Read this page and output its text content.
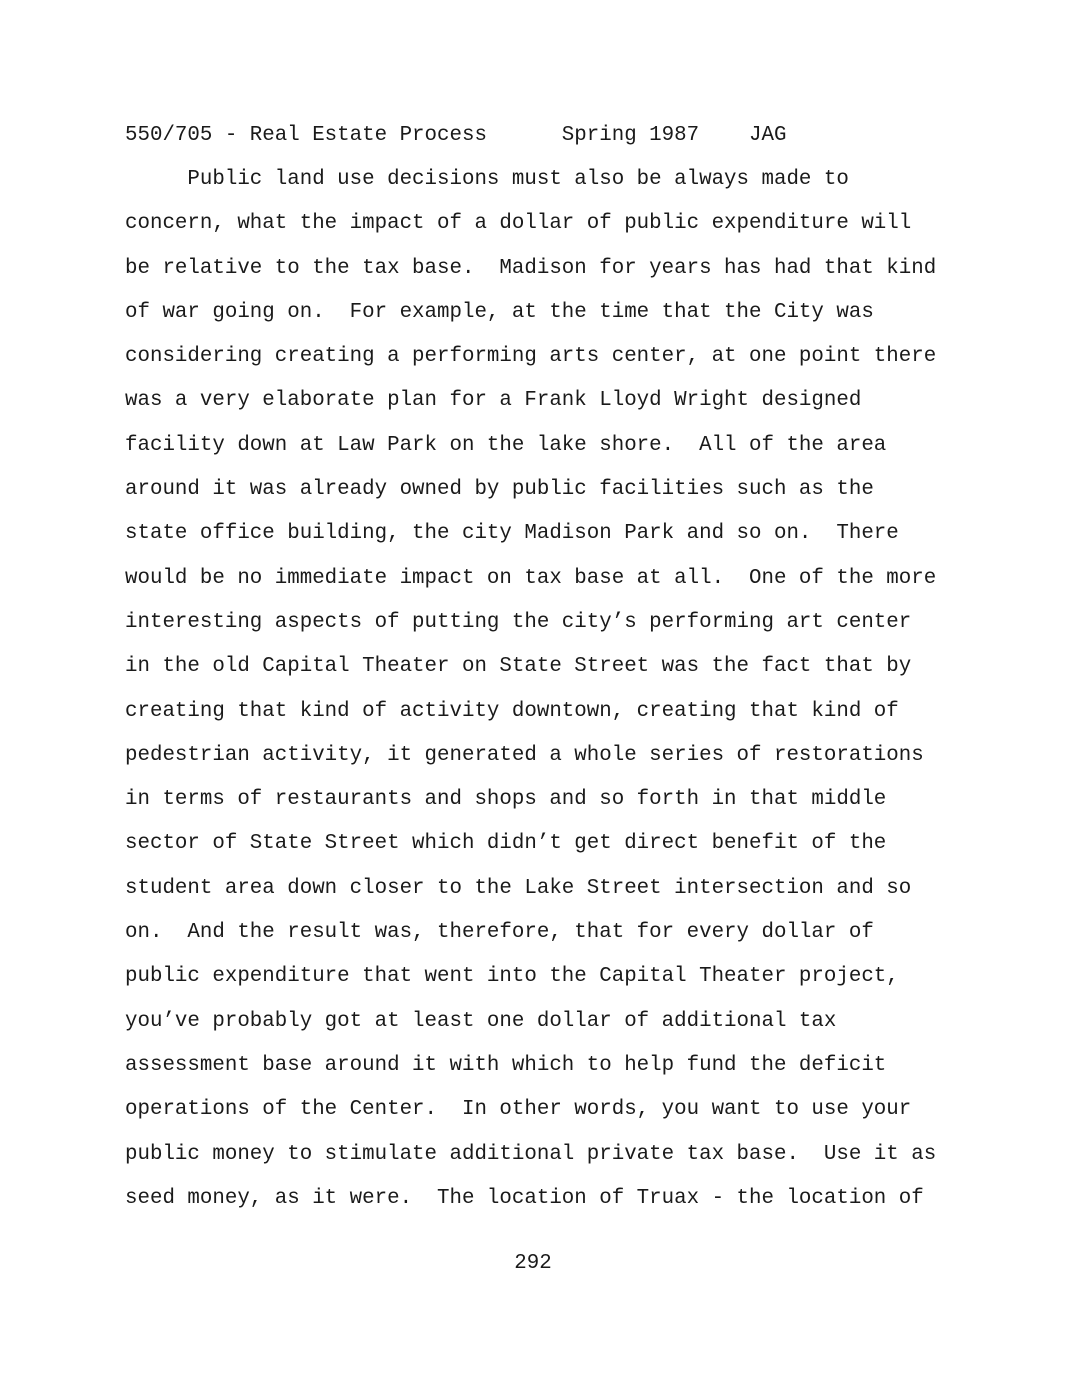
550/705 - Real Estate Process      Spring 1987    JAG
Public land use decisions must also be always made to
concern, what the impact of a dollar of public expenditure will
be relative to the tax base.  Madison for years has had that kind
of war going on.  For example, at the time that the City was
considering creating a performing arts center, at one point there
was a very elaborate plan for a Frank Lloyd Wright designed
facility down at Law Park on the lake shore.  All of the area
around it was already owned by public facilities such as the
state office building, the city Madison Park and so on.  There
would be no immediate impact on tax base at all.  One of the more
interesting aspects of putting the city’s performing art center
in the old Capital Theater on State Street was the fact that by
creating that kind of activity downtown, creating that kind of
pedestrian activity, it generated a whole series of restorations
in terms of restaurants and shops and so forth in that middle
sector of State Street which didn’t get direct benefit of the
student area down closer to the Lake Street intersection and so
on.  And the result was, therefore, that for every dollar of
public expenditure that went into the Capital Theater project,
you’ve probably got at least one dollar of additional tax
assessment base around it with which to help fund the deficit
operations of the Center.  In other words, you want to use your
public money to stimulate additional private tax base.  Use it as
seed money, as it were.  The location of Truax - the location of
292
